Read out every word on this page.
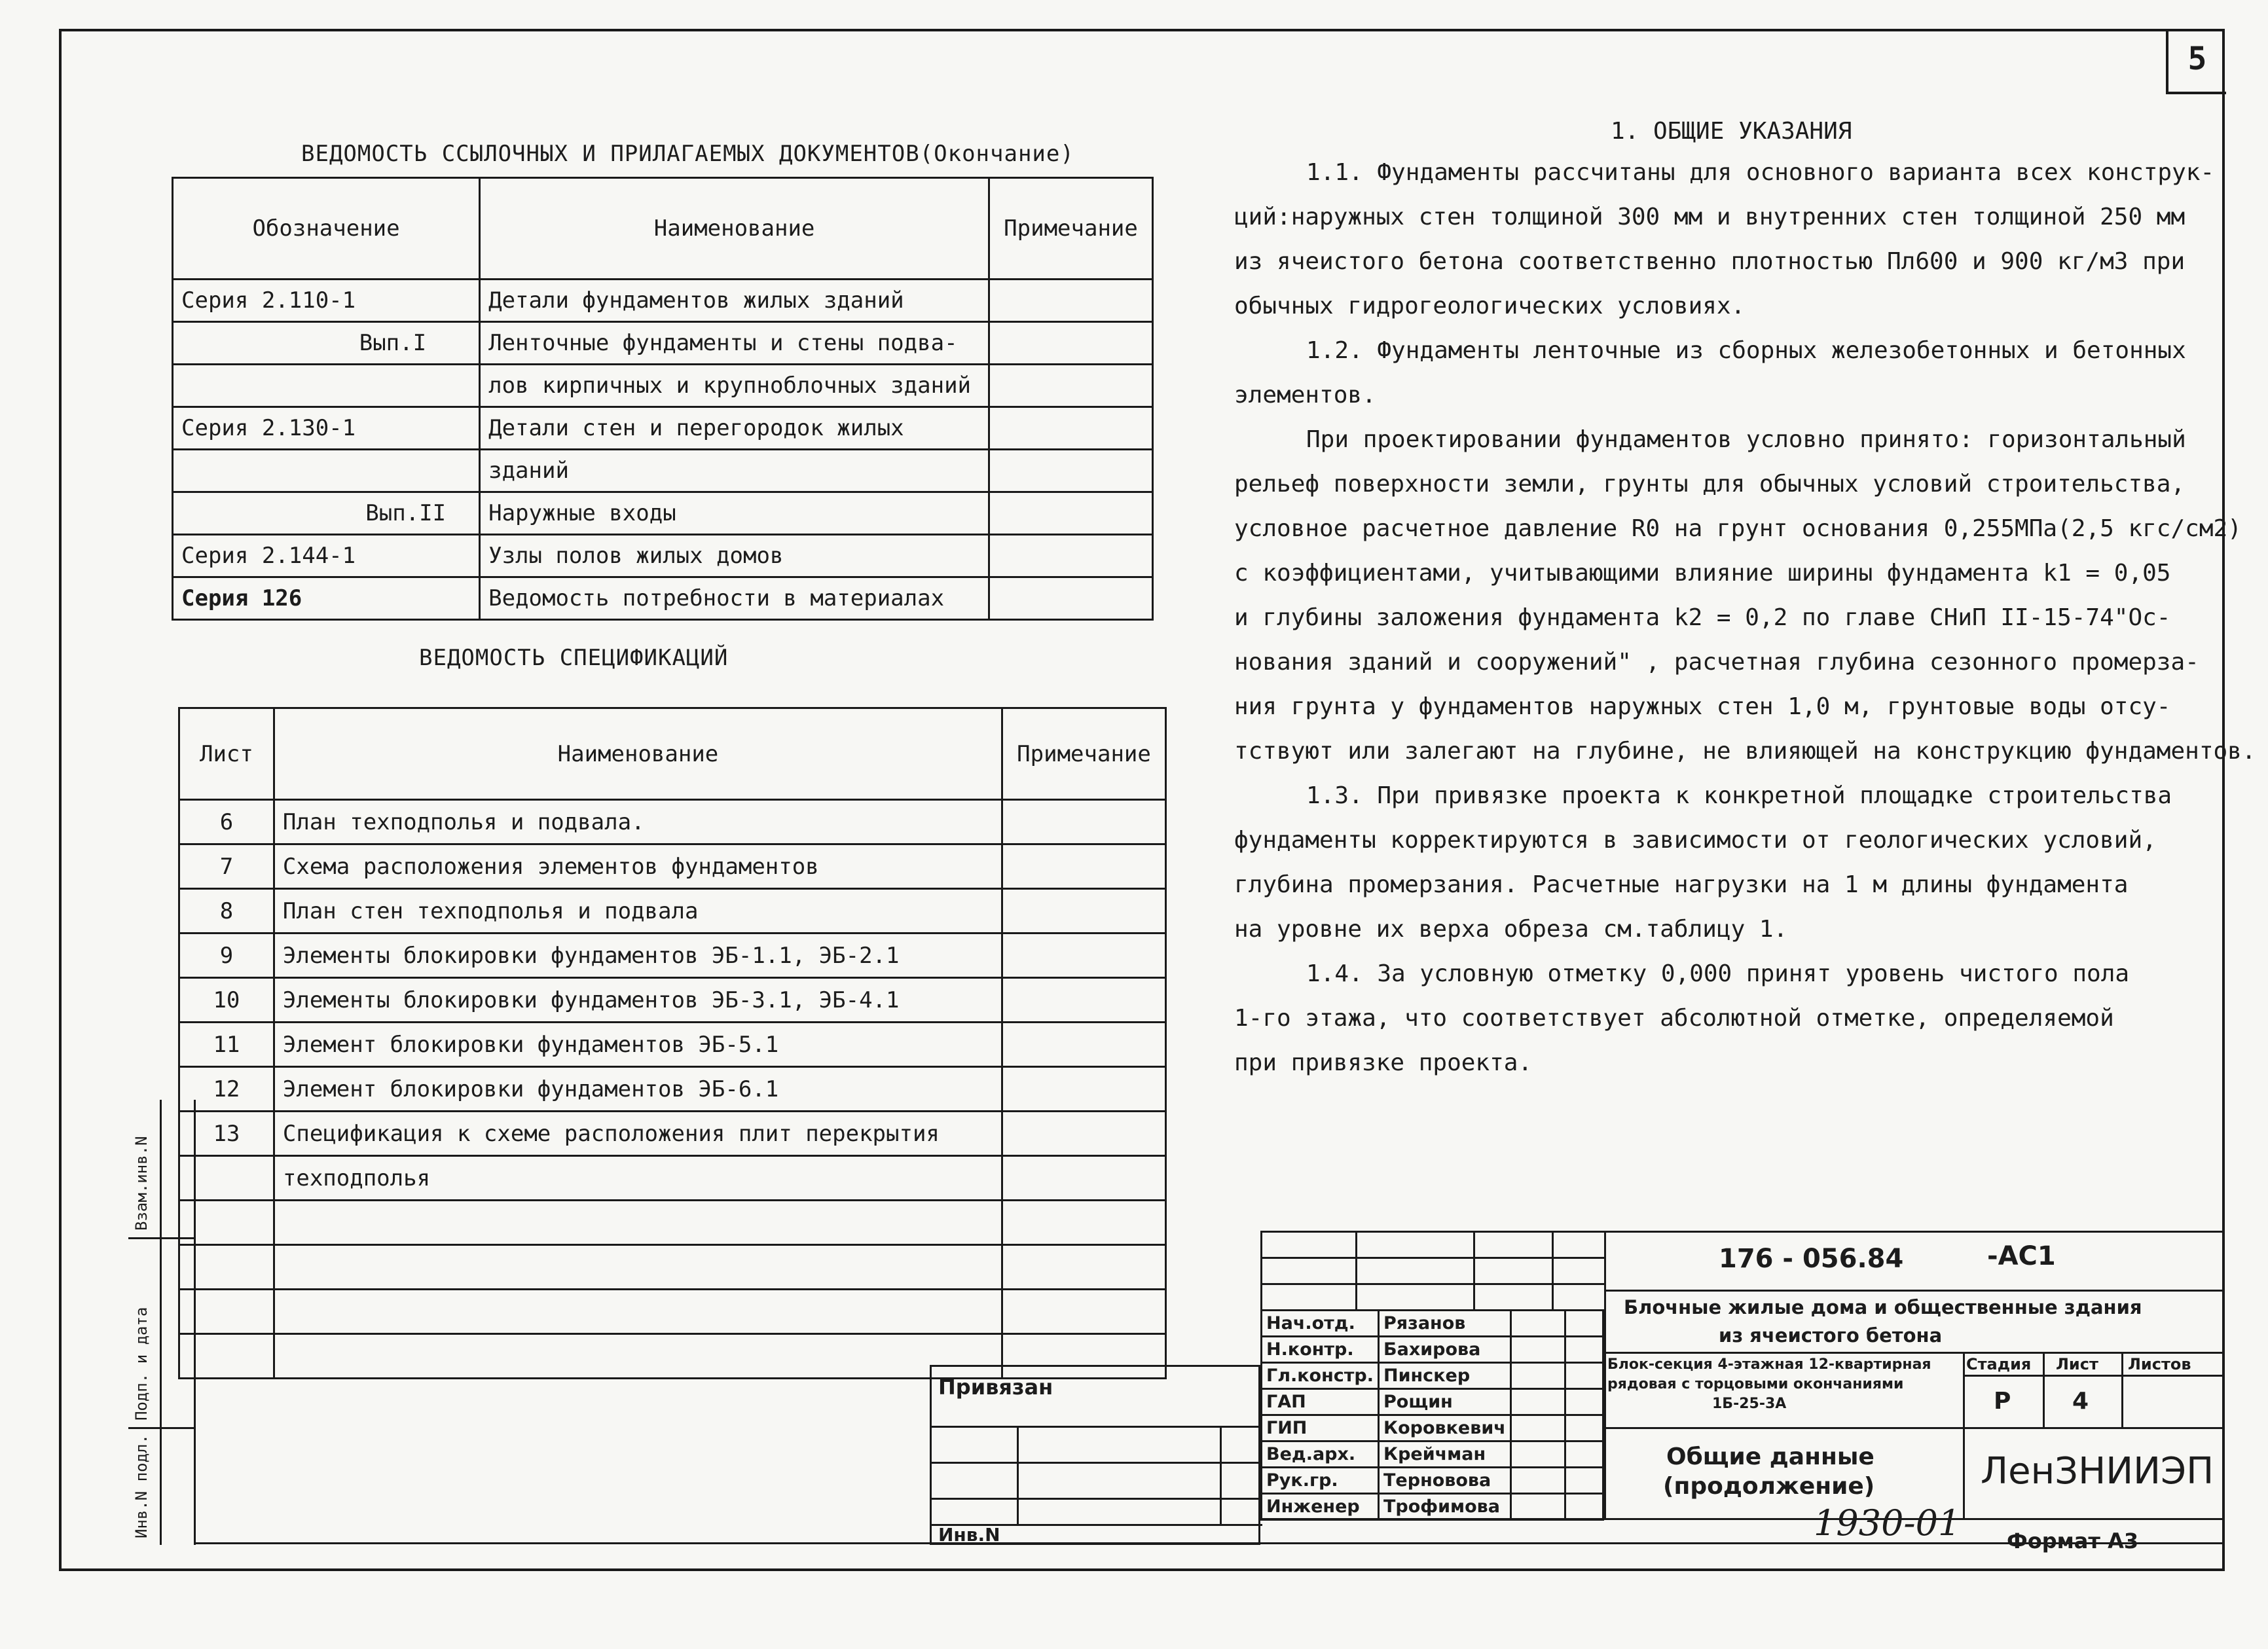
5
ВЕДОМОСТЬ ССЫЛОЧНЫХ И ПРИЛАГАЕМЫХ ДОКУМЕНТОВ(Окончание)
Обозначение	Наименование	Примечание
Серия 2.110-1	Детали фундаментов жилых зданий	
Вып.I	Ленточные фундаменты и стены подва-	
	лов кирпичных и крупноблочных зданий	
Серия 2.130-1	Детали стен и перегородок жилых	
	зданий	
Вып.II	Наружные входы	
Серия 2.144-1	Узлы полов жилых домов	
Серия 126	Ведомость потребности в материалах	
ВЕДОМОСТЬ СПЕЦИФИКАЦИЙ
Лист	Наименование	Примечание
6	План техподполья и подвала.	
7	Схема расположения элементов фундаментов	
8	План стен техподполья и подвала	
9	Элементы блокировки фундаментов ЭБ-1.1, ЭБ-2.1	
10	Элементы блокировки фундаментов ЭБ-3.1, ЭБ-4.1	
11	Элемент блокировки фундаментов ЭБ-5.1	
12	Элемент блокировки фундаментов ЭБ-6.1	
13	Спецификация к схеме расположения плит перекрытия	
	техподполья	

1. ОБЩИЕ УКАЗАНИЯ

1.1. Фундаменты рассчитаны для основного варианта всех конструк-

ций:наружных стен толщиной 300 мм и внутренних стен толщиной 250 мм

из ячеистого бетона соответственно плотностью Пл600 и 900 кг/м3 при

обычных гидрогеологических условиях.

1.2. Фундаменты ленточные из сборных железобетонных и бетонных

элементов.

При проектировании фундаментов условно принято: горизонтальный

рельеф поверхности земли, грунты для обычных условий строительства,

условное расчетное давление R0 на грунт основания 0,255МПа(2,5 кгс/см2)

с коэффициентами, учитывающими влияние ширины фундамента k1 = 0,05

и глубины заложения фундамента k2 = 0,2 по главе СНиП II-15-74"Ос-

нования зданий и сооружений" , расчетная глубина сезонного промерза-

ния грунта у фундаментов наружных стен 1,0 м, грунтовые воды отсу-

тствуют или залегают на глубине, не влияющей на конструкцию фундаментов.

1.3. При привязке проекта к конкретной площадке строительства

фундаменты корректируются в зависимости от геологических условий,

глубина промерзания. Расчетные нагрузки на 1 м длины фундамента

на уровне их верха обреза см.таблицу 1.

1.4. За условную отметку 0,000 принят уровень чистого пола

1-го этажа, что соответствует абсолютной отметке, определяемой

при привязке проекта.

Взам.инв.N
Подп. и дата
Инв.N подл.
Привязан
Инв.N
Нач.отд.	Рязанов		
Н.контр.	Бахирова		
Гл.констр.	Пинскер		
ГАП	Рощин		
ГИП	Коровкевич		
Вед.арх.	Крейчман		
Рук.гр.	Терновова		
Инженер	Трофимова		
176 - 056.84	-АС1
Блочные жилые дома и общественные здания
из ячеистого бетона
Блок-секция 4-этажная 12-квартирная
рядовая с торцовыми окончаниями
1Б-25-3А
Стадия Лист Листов
Р	4
Общие данные
(продолжение)	ЛенЗНИИЭП
1930-01 Формат А3
